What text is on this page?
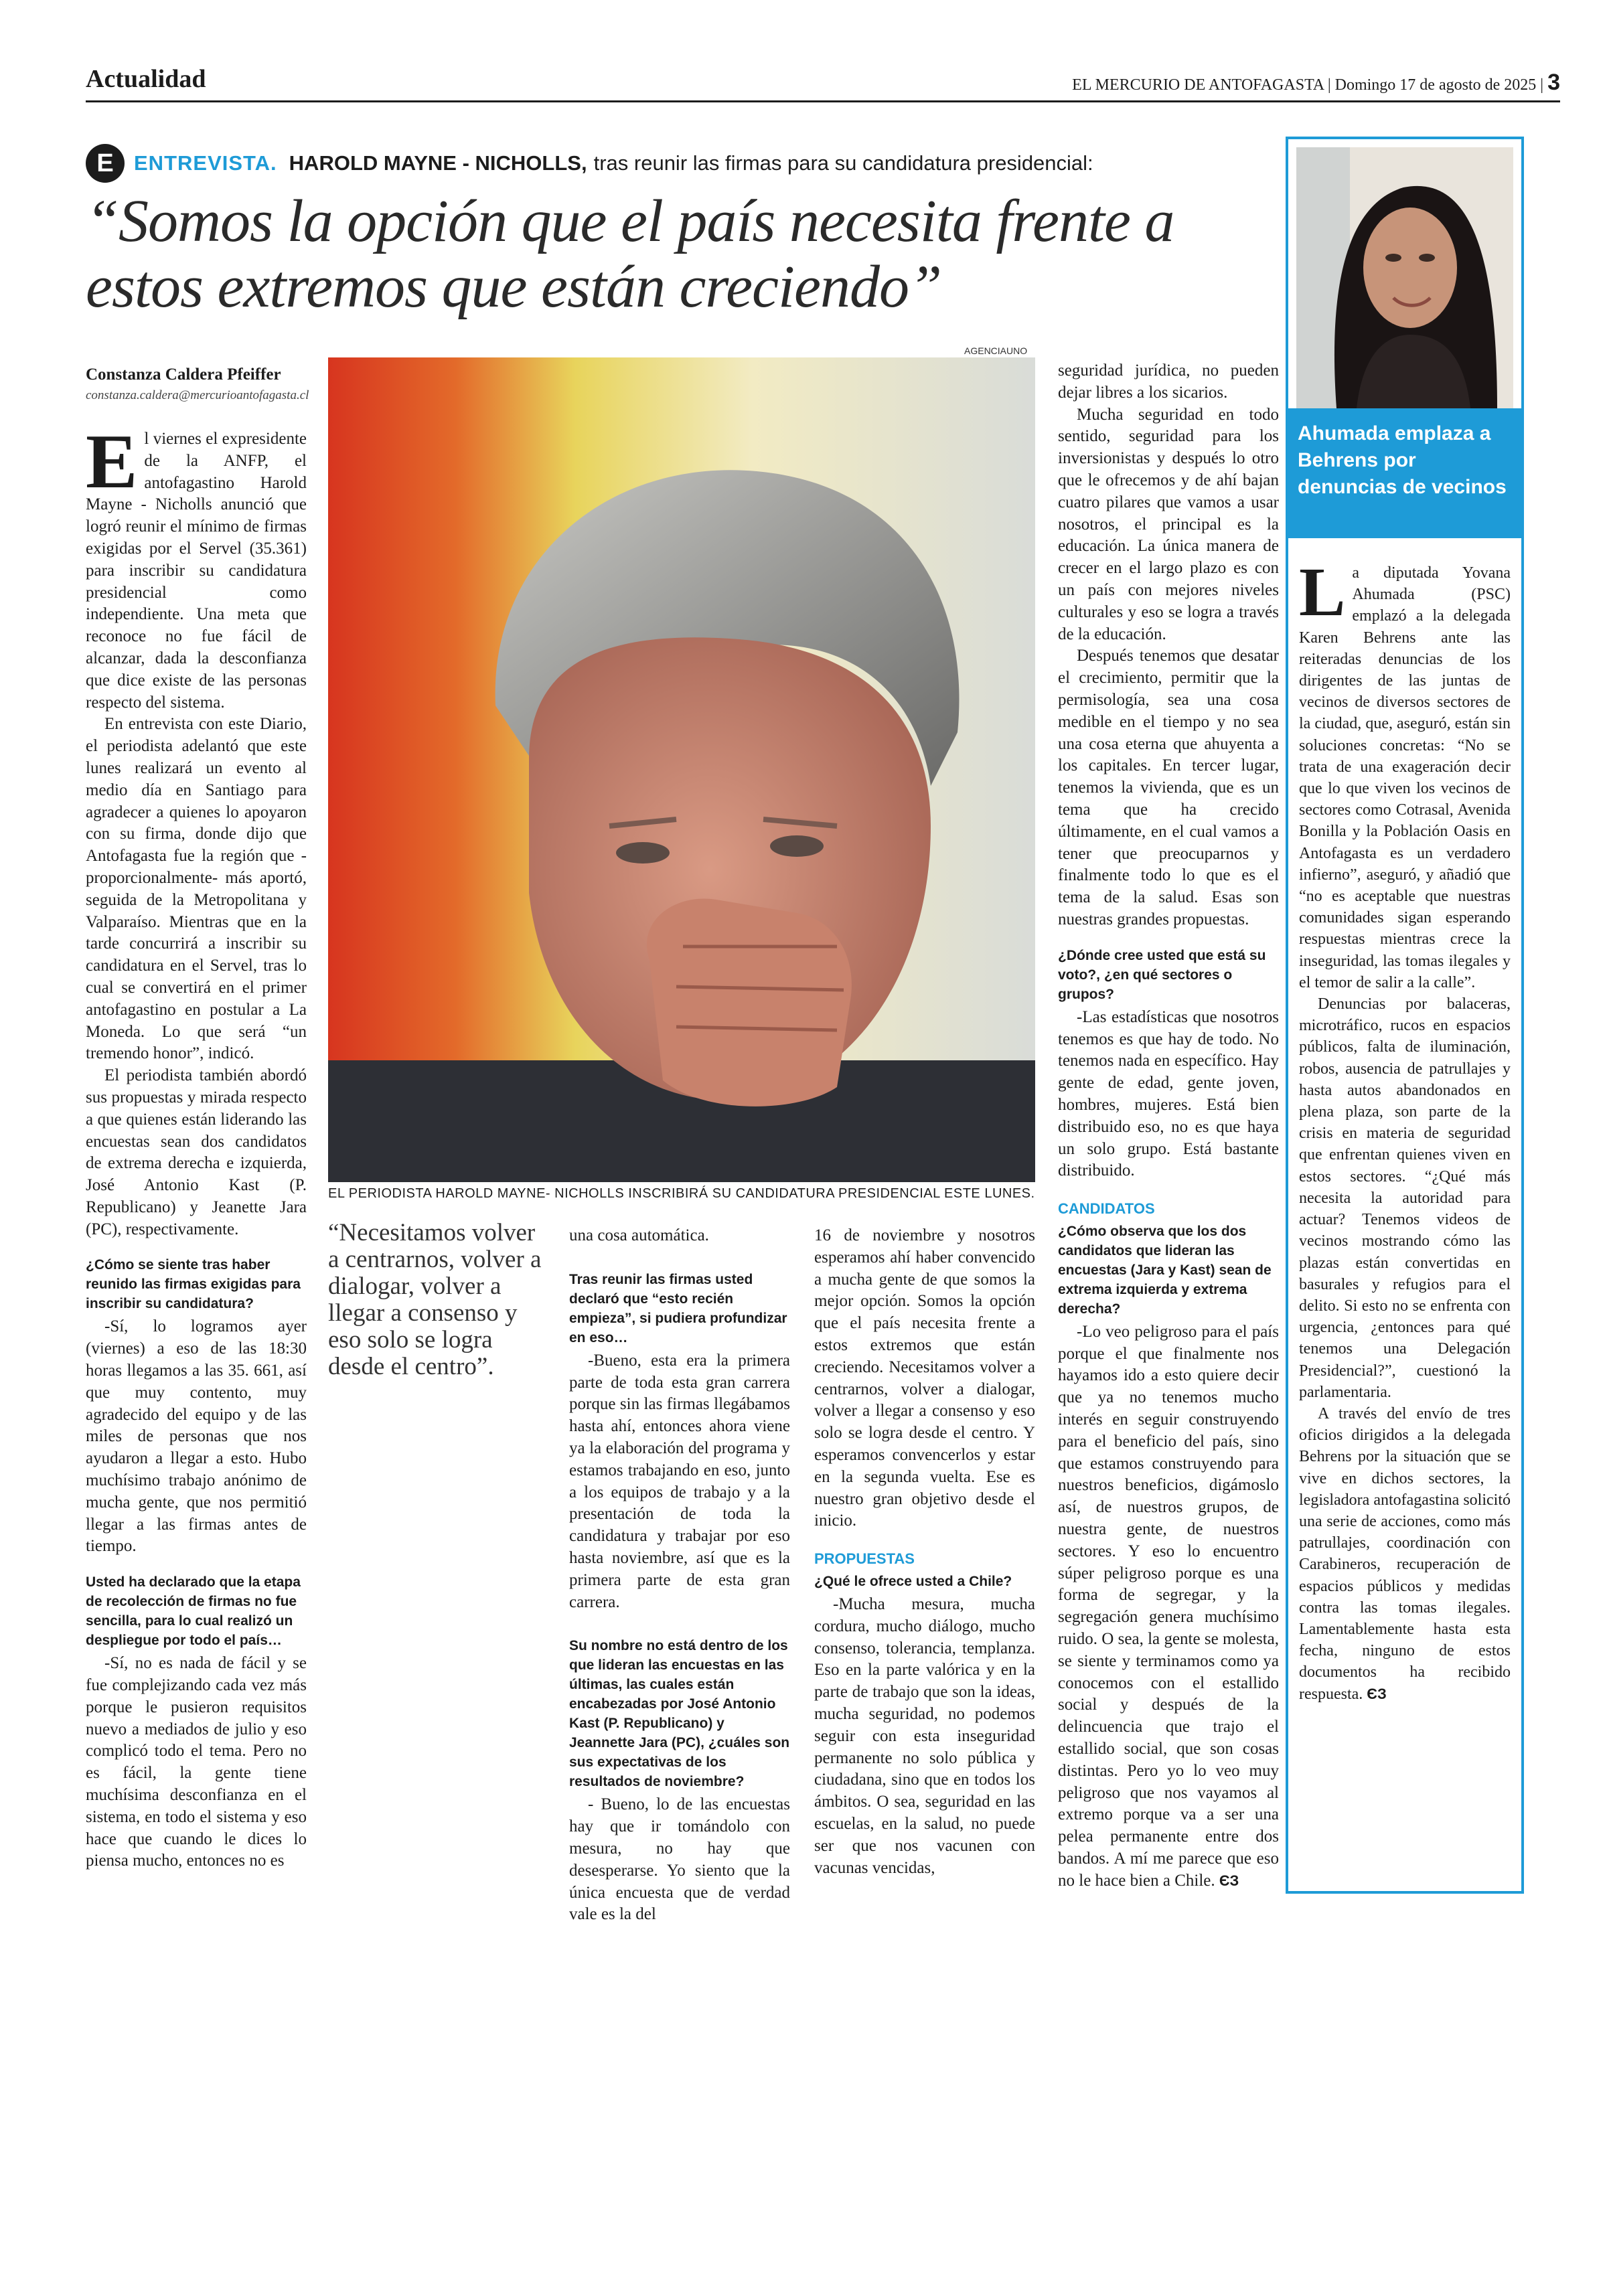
Actualidad	EL MERCURIO DE ANTOFAGASTA | Domingo 17 de agosto de 2025 | 3
E ENTREVISTA. HAROLD MAYNE - NICHOLLS, tras reunir las firmas para su candidatura presidencial:
“Somos la opción que el país necesita frente a estos extremos que están creciendo”
Constanza Caldera Pfeiffer
constanza.caldera@mercurioantofagasta.cl
AGENCIAUNO
EL PERIODISTA HAROLD MAYNE- NICHOLLS INSCRIBIRÁ SU CANDIDATURA PRESIDENCIAL ESTE LUNES.

El viernes el expresidente de la ANFP, el antofagastino Harold Mayne - Nicholls anunció que logró reunir el mínimo de firmas exigidas por el Servel (35.361) para inscribir su candidatura presidencial como independiente. Una meta que reconoce no fue fácil de alcanzar, dada la desconfianza que dice existe de las personas respecto del sistema.

En entrevista con este Diario, el periodista adelantó que este lunes realizará un evento al medio día en Santiago para agradecer a quienes lo apoyaron con su firma, donde dijo que Antofagasta fue la región que -proporcionalmente- más aportó, seguida de la Metropolitana y Valparaíso. Mientras que en la tarde concurrirá a inscribir su candidatura en el Servel, tras lo cual se convertirá en el primer antofagastino en postular a La Moneda. Lo que será “un tremendo honor”, indicó.

El periodista también abordó sus propuestas y mirada respecto a que quienes están liderando las encuestas sean dos candidatos de extrema derecha e izquierda, José Antonio Kast (P. Republicano) y Jeanette Jara (PC), respectivamente.

¿Cómo se siente tras haber reunido las firmas exigidas para inscribir su candidatura?

-Sí, lo logramos ayer (viernes) a eso de las 18:30 horas llegamos a las 35. 661, así que muy contento, muy agradecido del equipo y de las miles de personas que nos ayudaron a llegar a esto. Hubo muchísimo trabajo anónimo de mucha gente, que nos permitió llegar a las firmas antes de tiempo.

Usted ha declarado que la etapa de recolección de firmas no fue sencilla, para lo cual realizó un despliegue por todo el país…

-Sí, no es nada de fácil y se fue complejizando cada vez más porque le pusieron requisitos nuevo a mediados de julio y eso complicó todo el tema. Pero no es fácil, la gente tiene muchísima desconfianza en el sistema, en todo el sistema y eso hace que cuando le dices lo piensa mucho, entonces no es

“Necesitamos volver a centrarnos, volver a dialogar, volver a llegar a consenso y eso solo se logra desde el centro”.

una cosa automática.

Tras reunir las firmas usted declaró que “esto recién empieza”, si pudiera profundizar en eso…

-Bueno, esta era la primera parte de toda esta gran carrera porque sin las firmas llegábamos hasta ahí, entonces ahora viene ya la elaboración del programa y estamos trabajando en eso, junto a los equipos de trabajo y a la presentación de toda la candidatura y trabajar por eso hasta noviembre, así que es la primera parte de esta gran carrera.

Su nombre no está dentro de los que lideran las encuestas en las últimas, las cuales están encabezadas por José Antonio Kast (P. Republicano) y Jeannette Jara (PC), ¿cuáles son sus expectativas de los resultados de noviembre?

- Bueno, lo de las encuestas hay que ir tomándolo con mesura, no hay que desesperarse. Yo siento que la única encuesta que de verdad vale es la del

16 de noviembre y nosotros esperamos ahí haber convencido a mucha gente de que somos la mejor opción. Somos la opción que el país necesita frente a estos extremos que están creciendo. Necesitamos volver a centrarnos, volver a dialogar, volver a llegar a consenso y eso solo se logra desde el centro. Y esperamos convencerlos y estar en la segunda vuelta. Ese es nuestro gran objetivo desde el inicio.

PROPUESTAS

¿Qué le ofrece usted a Chile?

-Mucha mesura, mucha cordura, mucho diálogo, mucho consenso, tolerancia, templanza. Eso en la parte valórica y en la parte de trabajo que son la ideas, mucha seguridad, no podemos seguir con esta inseguridad permanente no solo pública y ciudadana, sino que en todos los ámbitos. O sea, seguridad en las escuelas, en la salud, no puede ser que nos vacunen con vacunas vencidas,

seguridad jurídica, no pueden dejar libres a los sicarios.

Mucha seguridad en todo sentido, seguridad para los inversionistas y después lo otro que le ofrecemos y de ahí bajan cuatro pilares que vamos a usar nosotros, el principal es la educación. La única manera de crecer en el largo plazo es con un país con mejores niveles culturales y eso se logra a través de la educación.

Después tenemos que desatar el crecimiento, permitir que la permisología, sea una cosa medible en el tiempo y no sea una cosa eterna que ahuyenta a los capitales. En tercer lugar, tenemos la vivienda, que es un tema que ha crecido últimamente, en el cual vamos a tener que preocuparnos y finalmente todo lo que es el tema de la salud. Esas son nuestras grandes propuestas.

¿Dónde cree usted que está su voto?, ¿en qué sectores o grupos?

-Las estadísticas que nosotros tenemos es que hay de todo. No tenemos nada en específico. Hay gente de edad, gente joven, hombres, mujeres. Está bien distribuido eso, no es que haya un solo grupo. Está bastante distribuido.

CANDIDATOS

¿Cómo observa que los dos candidatos que lideran las encuestas (Jara y Kast) sean de extrema izquierda y extrema derecha?

-Lo veo peligroso para el país porque el que finalmente nos hayamos ido a esto quiere decir que ya no tenemos mucho interés en seguir construyendo para el beneficio del país, sino que estamos construyendo para nuestros beneficios, digámoslo así, de nuestros grupos, de nuestra gente, de nuestros sectores. Y eso lo encuentro súper peligroso porque es una forma de segregar, y la segregación genera muchísimo ruido. O sea, la gente se molesta, se siente y terminamos como ya conocemos con el estallido social y después de la delincuencia que trajo el estallido social, que son cosas distintas. Pero yo lo veo muy peligroso que nos vayamos al extremo porque va a ser una pelea permanente entre dos bandos. A mí me parece que eso no le hace bien a Chile. ЄЗ

Ahumada emplaza a Behrens por denuncias de vecinos

La diputada Yovana Ahumada (PSC) emplazó a la delegada Karen Behrens ante las reiteradas denuncias de los dirigentes de las juntas de vecinos de diversos sectores de la ciudad, que, aseguró, están sin soluciones concretas: “No se trata de una exageración decir que lo que viven los vecinos de sectores como Cotrasal, Avenida Bonilla y la Población Oasis en Antofagasta es un verdadero infierno”, aseguró, y añadió que “no es aceptable que nuestras comunidades sigan esperando respuestas mientras crece la inseguridad, las tomas ilegales y el temor de salir a la calle”.

Denuncias por balaceras, microtráfico, rucos en espacios públicos, falta de iluminación, robos, ausencia de patrullajes y hasta autos abandonados en plena plaza, son parte de la crisis en materia de seguridad que enfrentan quienes viven en estos sectores. “¿Qué más necesita la autoridad para actuar? Tenemos videos de vecinos mostrando cómo las plazas están convertidas en basurales y refugios para el delito. Si esto no se enfrenta con urgencia, ¿entonces para qué tenemos una Delegación Presidencial?”, cuestionó la parlamentaria.

A través del envío de tres oficios dirigidos a la delegada Behrens por la situación que se vive en dichos sectores, la legisladora antofagastina solicitó una serie de acciones, como más patrullajes, coordinación con Carabineros, recuperación de espacios públicos y medidas contra las tomas ilegales. Lamentablemente hasta esta fecha, ninguno de estos documentos ha recibido respuesta. ЄЗ
